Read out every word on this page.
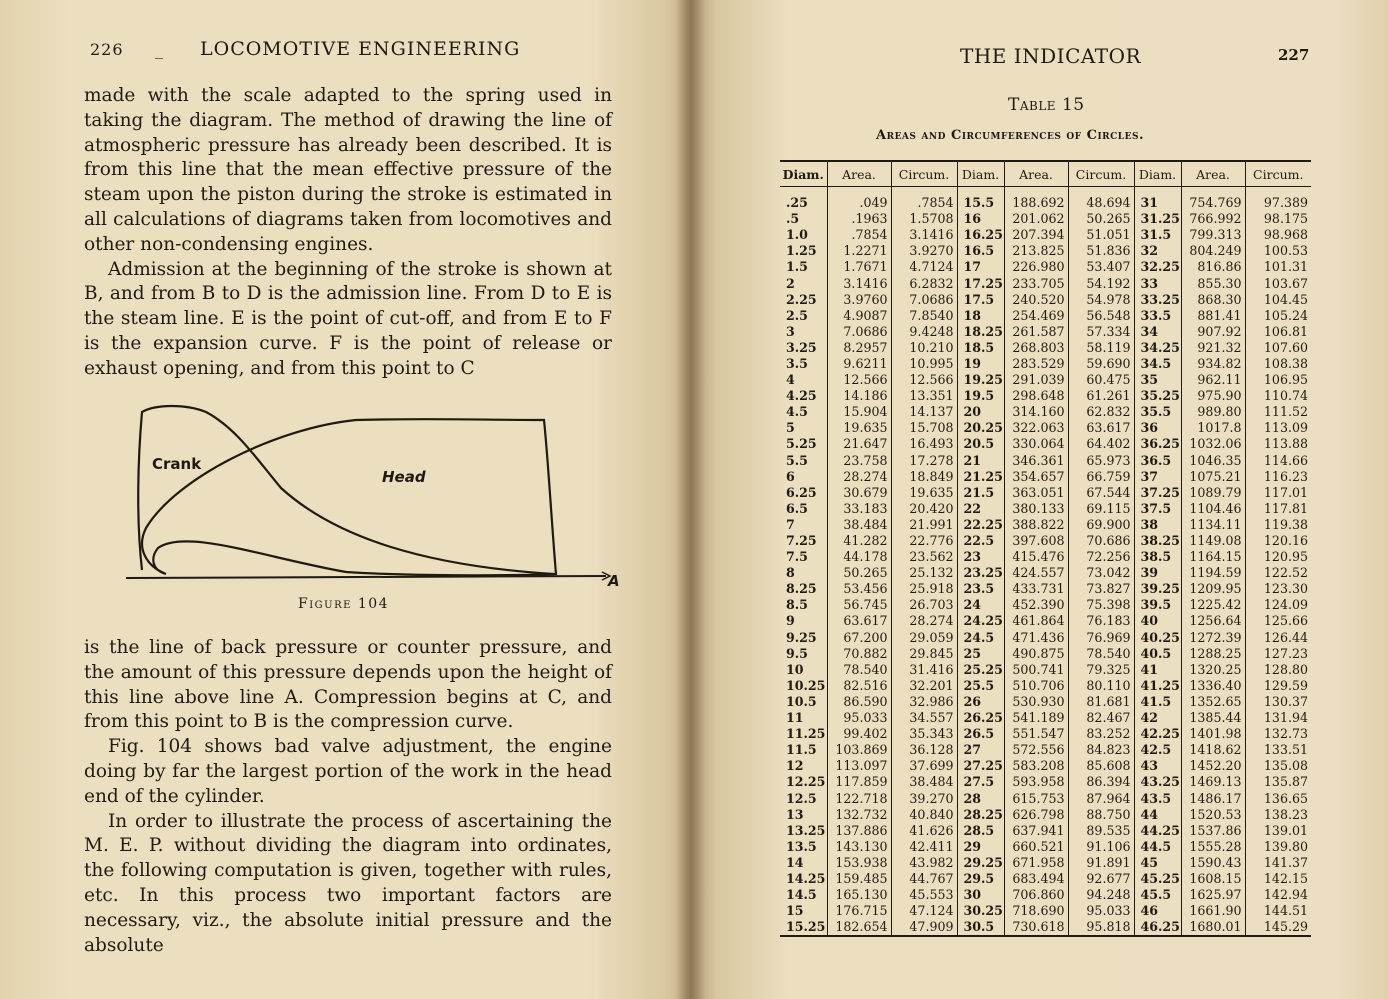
226 _ LOCOMOTIVE ENGINEERING

made with the scale adapted to the spring used in taking the diagram. The method of drawing the line of atmospheric pressure has already been described. It is from this line that the mean effective pressure of the steam upon the piston during the stroke is estimated in all calculations of diagrams taken from locomotives and other non-condensing engines.

Admission at the beginning of the stroke is shown at B, and from B to D is the admission line. From D to E is the steam line. E is the point of cut-off, and from E to F is the expansion curve. F is the point of release or exhaust opening, and from this point to C

Crank
Head
A
Figure 104

is the line of back pressure or counter pressure, and the amount of this pressure depends upon the height of this line above line A. Compression begins at C, and from this point to B is the compression curve.

Fig. 104 shows bad valve adjustment, the engine doing by far the largest portion of the work in the head end of the cylinder.

In order to illustrate the process of ascertaining the M. E. P. without dividing the diagram into ordinates, the following computation is given, together with rules, etc. In this process two important factors are necessary, viz., the absolute initial pressure and the absolute

THE INDICATOR	227
Table 15
Areas and Circumferences of Circles.
Diam.	Area.	Circum.	Diam.	Area.	Circum.	Diam.	Area.	Circum.
.25	.049	.7854	15.5	188.692	48.694	31	754.769	97.389
.5	.1963	1.5708	16	201.062	50.265	31.25	766.992	98.175
1.0	.7854	3.1416	16.25	207.394	51.051	31.5	799.313	98.968
1.25	1.2271	3.9270	16.5	213.825	51.836	32	804.249	100.53
1.5	1.7671	4.7124	17	226.980	53.407	32.25	816.86	101.31
2	3.1416	6.2832	17.25	233.705	54.192	33	855.30	103.67
2.25	3.9760	7.0686	17.5	240.520	54.978	33.25	868.30	104.45
2.5	4.9087	7.8540	18	254.469	56.548	33.5	881.41	105.24
3	7.0686	9.4248	18.25	261.587	57.334	34	907.92	106.81
3.25	8.2957	10.210	18.5	268.803	58.119	34.25	921.32	107.60
3.5	9.6211	10.995	19	283.529	59.690	34.5	934.82	108.38
4	12.566	12.566	19.25	291.039	60.475	35	962.11	106.95
4.25	14.186	13.351	19.5	298.648	61.261	35.25	975.90	110.74
4.5	15.904	14.137	20	314.160	62.832	35.5	989.80	111.52
5	19.635	15.708	20.25	322.063	63.617	36	1017.8	113.09
5.25	21.647	16.493	20.5	330.064	64.402	36.25	1032.06	113.88
5.5	23.758	17.278	21	346.361	65.973	36.5	1046.35	114.66
6	28.274	18.849	21.25	354.657	66.759	37	1075.21	116.23
6.25	30.679	19.635	21.5	363.051	67.544	37.25	1089.79	117.01
6.5	33.183	20.420	22	380.133	69.115	37.5	1104.46	117.81
7	38.484	21.991	22.25	388.822	69.900	38	1134.11	119.38
7.25	41.282	22.776	22.5	397.608	70.686	38.25	1149.08	120.16
7.5	44.178	23.562	23	415.476	72.256	38.5	1164.15	120.95
8	50.265	25.132	23.25	424.557	73.042	39	1194.59	122.52
8.25	53.456	25.918	23.5	433.731	73.827	39.25	1209.95	123.30
8.5	56.745	26.703	24	452.390	75.398	39.5	1225.42	124.09
9	63.617	28.274	24.25	461.864	76.183	40	1256.64	125.66
9.25	67.200	29.059	24.5	471.436	76.969	40.25	1272.39	126.44
9.5	70.882	29.845	25	490.875	78.540	40.5	1288.25	127.23
10	78.540	31.416	25.25	500.741	79.325	41	1320.25	128.80
10.25	82.516	32.201	25.5	510.706	80.110	41.25	1336.40	129.59
10.5	86.590	32.986	26	530.930	81.681	41.5	1352.65	130.37
11	95.033	34.557	26.25	541.189	82.467	42	1385.44	131.94
11.25	99.402	35.343	26.5	551.547	83.252	42.25	1401.98	132.73
11.5	103.869	36.128	27	572.556	84.823	42.5	1418.62	133.51
12	113.097	37.699	27.25	583.208	85.608	43	1452.20	135.08
12.25	117.859	38.484	27.5	593.958	86.394	43.25	1469.13	135.87
12.5	122.718	39.270	28	615.753	87.964	43.5	1486.17	136.65
13	132.732	40.840	28.25	626.798	88.750	44	1520.53	138.23
13.25	137.886	41.626	28.5	637.941	89.535	44.25	1537.86	139.01
13.5	143.130	42.411	29	660.521	91.106	44.5	1555.28	139.80
14	153.938	43.982	29.25	671.958	91.891	45	1590.43	141.37
14.25	159.485	44.767	29.5	683.494	92.677	45.25	1608.15	142.15
14.5	165.130	45.553	30	706.860	94.248	45.5	1625.97	142.94
15	176.715	47.124	30.25	718.690	95.033	46	1661.90	144.51
15.25	182.654	47.909	30.5	730.618	95.818	46.25	1680.01	145.29
